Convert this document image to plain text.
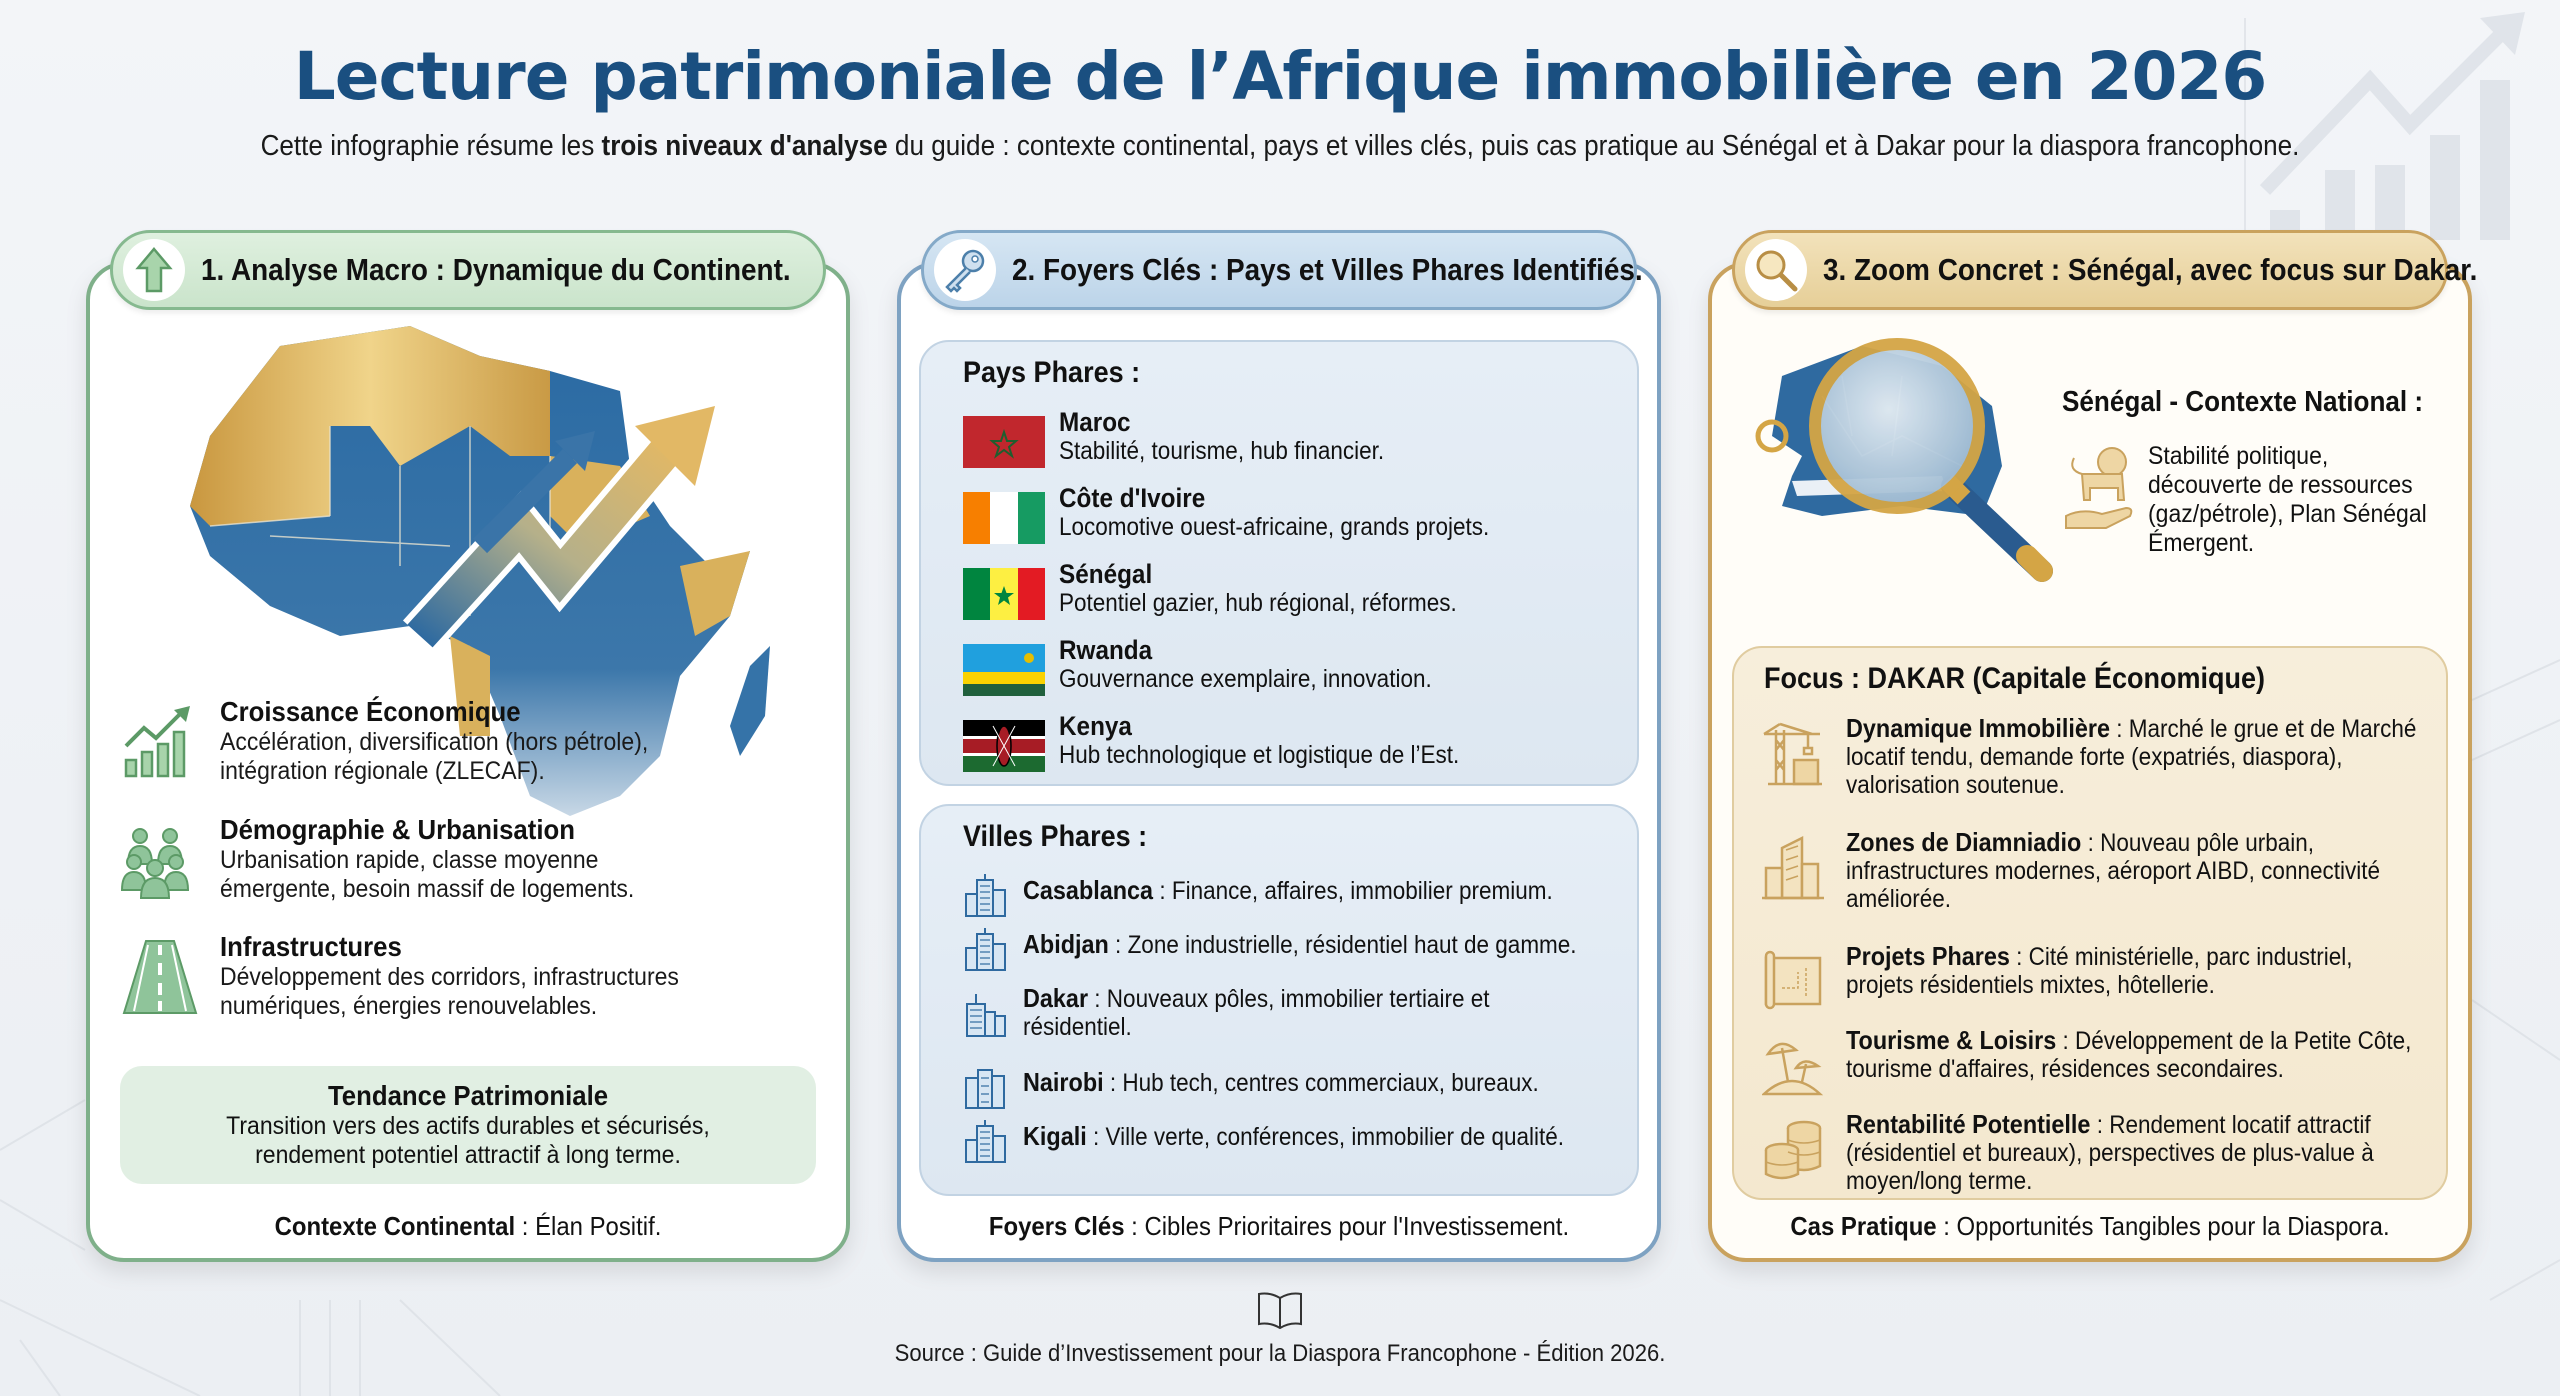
Lecture patrimoniale de l’Afrique immobilière en 2026
Cette infographie résume les trois niveaux d'analyse du guide : contexte continental, pays et villes clés, puis cas pratique au Sénégal et à Dakar pour la diaspora francophone.
1. Analyse Macro : Dynamique du Continent.
Croissance Économique
Accélération, diversification (hors pétrole), intégration régionale (ZLECAF).
Démographie & Urbanisation
Urbanisation rapide, classe moyenne émergente, besoin massif de logements.
Infrastructures
Développement des corridors, infrastructures numériques, énergies renouvelables.
Tendance Patrimoniale
Transition vers des actifs durables et sécurisés,
rendement potentiel attractif à long terme.
Contexte Continental : Élan Positif.
2. Foyers Clés : Pays et Villes Phares Identifiés.
Pays Phares :
Maroc
Stabilité, tourisme, hub financier.
Côte d'Ivoire
Locomotive ouest-africaine, grands projets.
Sénégal
Potentiel gazier, hub régional, réformes.
Rwanda
Gouvernance exemplaire, innovation.
Kenya
Hub technologique et logistique de l’Est.
Villes Phares :
Casablanca : Finance, affaires, immobilier premium.
Abidjan : Zone industrielle, résidentiel haut de gamme.
Dakar : Nouveaux pôles, immobilier tertiaire et résidentiel.
Nairobi : Hub tech, centres commerciaux, bureaux.
Kigali : Ville verte, conférences, immobilier de qualité.
Foyers Clés : Cibles Prioritaires pour l'Investissement.
3. Zoom Concret : Sénégal, avec focus sur Dakar.
Sénégal - Contexte National :
Stabilité politique, découverte de ressources (gaz/pétrole), Plan Sénégal Émergent.
Focus : DAKAR (Capitale Économique)
Dynamique Immobilière : Marché le grue et de Marché locatif tendu, demande forte (expatriés, diaspora), valorisation soutenue.
Zones de Diamniadio : Nouveau pôle urbain, infrastructures modernes, aéroport AIBD, connectivité améliorée.
Projets Phares : Cité ministérielle, parc industriel, projets résidentiels mixtes, hôtellerie.
Tourisme & Loisirs : Développement de la Petite Côte, tourisme d'affaires, résidences secondaires.
Rentabilité Potentielle : Rendement locatif attractif (résidentiel et bureaux), perspectives de plus-value à moyen/long terme.
Cas Pratique : Opportunités Tangibles pour la Diaspora.
Source : Guide d’Investissement pour la Diaspora Francophone - Édition 2026.
